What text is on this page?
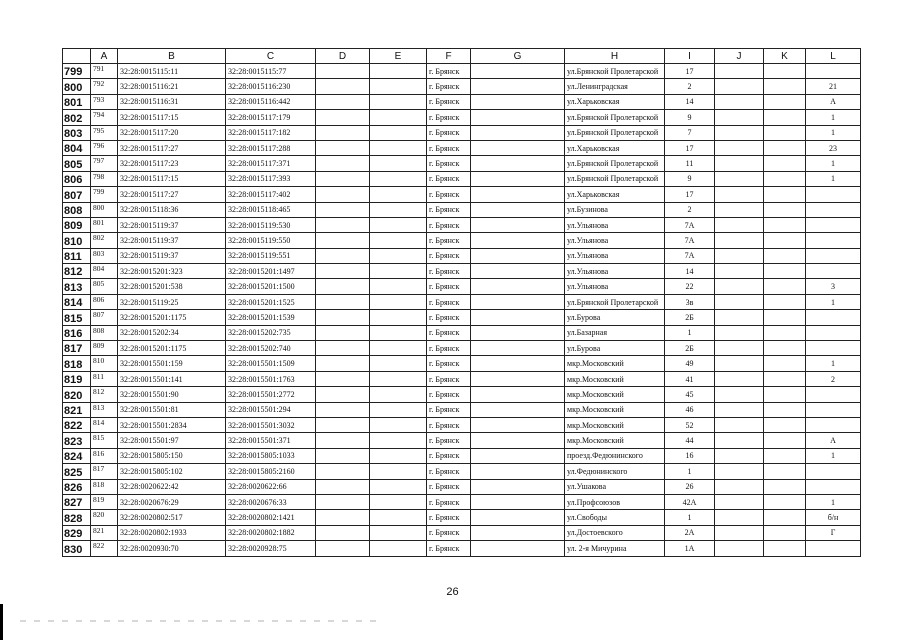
	A	B	C	D	E	F	G	H	I	J	K	L
799	791	32:28:0015115:11	32:28:0015115:77			г. Брянск		ул.Брянской Пролетарской	17			
800	792	32:28:0015116:21	32:28:0015116:230			г. Брянск		ул.Ленинградская	2			21
801	793	32:28:0015116:31	32:28:0015116:442			г. Брянск		ул.Харьковская	14			А
802	794	32:28:0015117:15	32:28:0015117:179			г. Брянск		ул.Брянской Пролетарской	9			1
803	795	32:28:0015117:20	32:28:0015117:182			г. Брянск		ул.Брянской Пролетарской	7			1
804	796	32:28:0015117:27	32:28:0015117:288			г. Брянск		ул.Харьковская	17			23
805	797	32:28:0015117:23	32:28:0015117:371			г. Брянск		ул.Брянской Пролетарской	11			1
806	798	32:28:0015117:15	32:28:0015117:393			г. Брянск		ул.Брянской Пролетарской	9			1
807	799	32:28:0015117:27	32:28:0015117:402			г. Брянск		ул.Харьковская	17			
808	800	32:28:0015118:36	32:28:0015118:465			г. Брянск		ул.Бузинова	2			
809	801	32:28:0015119:37	32:28:0015119:530			г. Брянск		ул.Ульянова	7А			
810	802	32:28:0015119:37	32:28:0015119:550			г. Брянск		ул.Ульянова	7А			
811	803	32:28:0015119:37	32:28:0015119:551			г. Брянск		ул.Ульянова	7А			
812	804	32:28:0015201:323	32:28:0015201:1497			г. Брянск		ул.Ульянова	14			
813	805	32:28:0015201:538	32:28:0015201:1500			г. Брянск		ул.Ульянова	22			3
814	806	32:28:0015119:25	32:28:0015201:1525			г. Брянск		ул.Брянской Пролетарской	3в			1
815	807	32:28:0015201:1175	32:28:0015201:1539			г. Брянск		ул.Бурова	2Б			
816	808	32:28:0015202:34	32:28:0015202:735			г. Брянск		ул.Базарная	1			
817	809	32:28:0015201:1175	32:28:0015202:740			г. Брянск		ул.Бурова	2Б			
818	810	32:28:0015501:159	32:28:0015501:1509			г. Брянск		мкр.Московский	49			1
819	811	32:28:0015501:141	32:28:0015501:1763			г. Брянск		мкр.Московский	41			2
820	812	32:28:0015501:90	32:28:0015501:2772			г. Брянск		мкр.Московский	45			
821	813	32:28:0015501:81	32:28:0015501:294			г. Брянск		мкр.Московский	46			
822	814	32:28:0015501:2834	32:28:0015501:3032			г. Брянск		мкр.Московский	52			
823	815	32:28:0015501:97	32:28:0015501:371			г. Брянск		мкр.Московский	44			А
824	816	32:28:0015805:150	32:28:0015805:1033			г. Брянск		проезд.Федюнинского	16			1
825	817	32:28:0015805:102	32:28:0015805:2160			г. Брянск		ул.Федюнинского	1			
826	818	32:28:0020622:42	32:28:0020622:66			г. Брянск		ул.Ушакова	26			
827	819	32:28:0020676:29	32:28:0020676:33			г. Брянск		ул.Профсоюзов	42А			1
828	820	32:28:0020802:517	32:28:0020802:1421			г. Брянск		ул.Свободы	1			б/н
829	821	32:28:0020802:1933	32:28:0020802:1882			г. Брянск		ул.Достоевского	2А			Г
830	822	32:28:0020930:70	32:28:0020928:75			г. Брянск		ул. 2-я Мичурина	1А			
26
